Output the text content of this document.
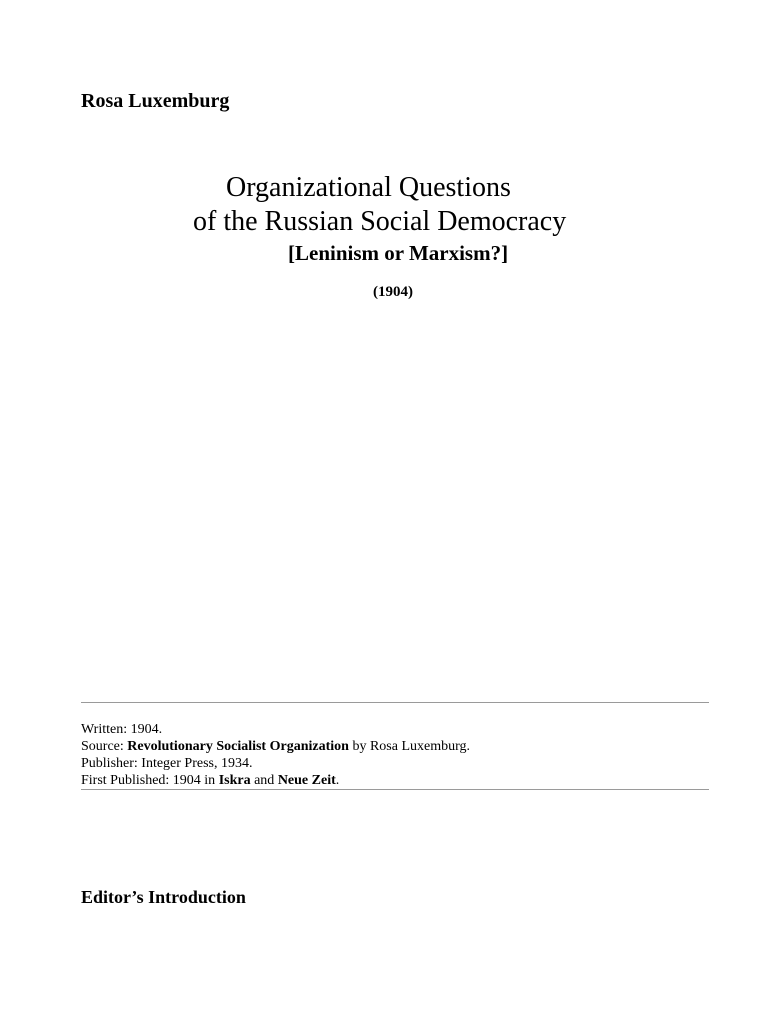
Rosa Luxemburg
Organizational Questions
of the Russian Social Democracy

[Leninism or Marxism?]

(1904)

Written: 1904.
Source: Revolutionary Socialist Organization by Rosa Luxemburg.
Publisher: Integer Press, 1934.
First Published: 1904 in Iskra and Neue Zeit.
Editor’s Introduction
